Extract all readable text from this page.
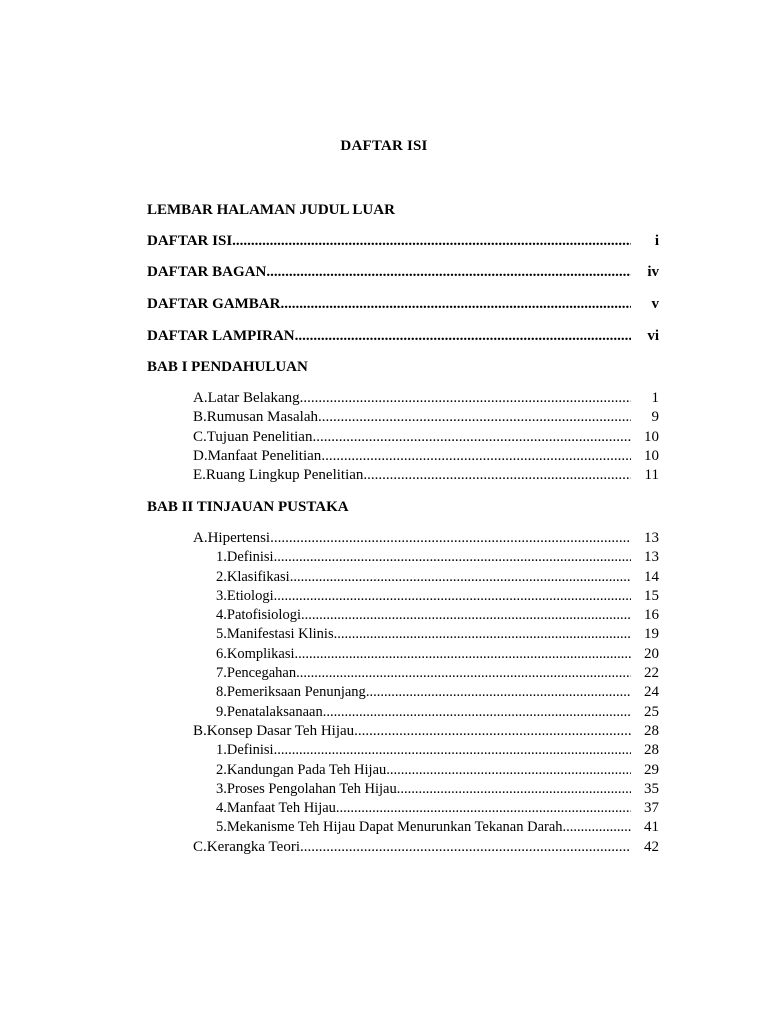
DAFTAR ISI
LEMBAR HALAMAN JUDUL LUAR
DAFTAR ISI .....	i
DAFTAR BAGAN .....	iv
DAFTAR GAMBAR .....	v
DAFTAR LAMPIRAN .....	vi
BAB I PENDAHULUAN
A. Latar Belakang .....	1
B. Rumusan Masalah .....	9
C. Tujuan Penelitian .....	10
D. Manfaat Penelitian .....	10
E. Ruang Lingkup Penelitian .....	11
BAB II TINJAUAN PUSTAKA
A. Hipertensi .....	13
1. Definisi .....	13
2. Klasifikasi .....	14
3. Etiologi .....	15
4. Patofisiologi .....	16
5. Manifestasi Klinis .....	19
6. Komplikasi .....	20
7. Pencegahan .....	22
8. Pemeriksaan Penunjang .....	24
9. Penatalaksanaan .....	25
B. Konsep Dasar Teh Hijau .....	28
1. Definisi .....	28
2. Kandungan Pada Teh Hijau .....	29
3. Proses Pengolahan Teh Hijau .....	35
4. Manfaat Teh Hijau .....	37
5. Mekanisme Teh Hijau Dapat Menurunkan Tekanan Darah .....	41
C. Kerangka Teori .....	42
